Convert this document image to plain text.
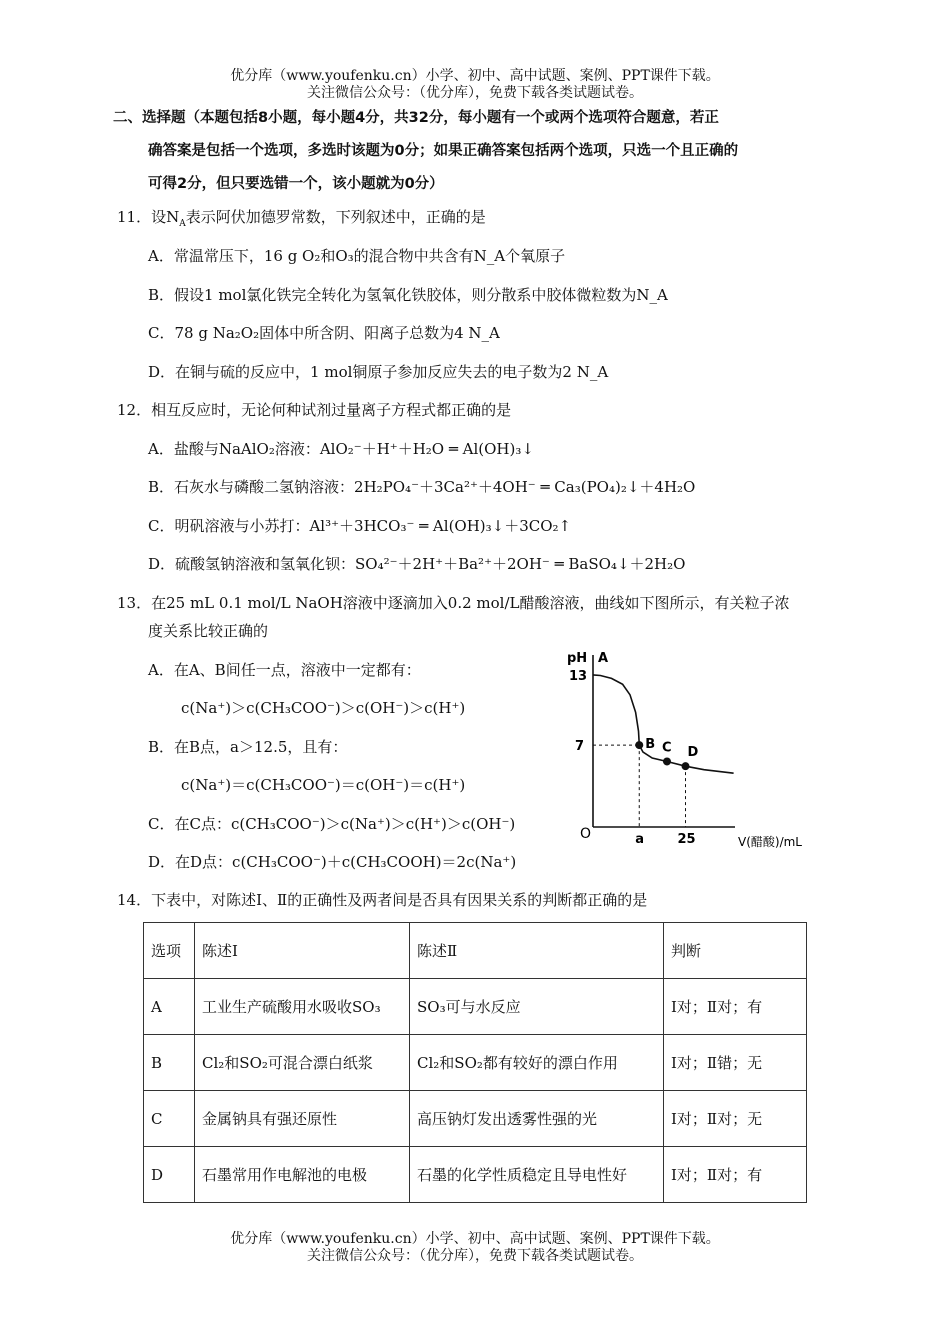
优分库（www.youfenku.cn）小学、初中、高中试题、案例、PPT课件下载。
关注微信公众号：（优分库），免费下载各类试题试卷。
二、选择题（本题包括8小题，每小题4分，共32分，每小题有一个或两个选项符合题意，若正
确答案是包括一个选项，多选时该题为0分；如果正确答案包括两个选项，只选一个且正确的
可得2分，但只要选错一个，该小题就为0分）
11．设$N_A$表示阿伏加德罗常数，下列叙述中，正确的是
A．常温常压下，16 g O₂和O₃的混合物中共含有N_A个氧原子
B．假设1 mol氯化铁完全转化为氢氧化铁胶体，则分散系中胶体微粒数为N_A
C．78 g Na₂O₂固体中所含阴、阳离子总数为4 N_A
D．在铜与硫的反应中，1 mol铜原子参加反应失去的电子数为2 N_A
12．相互反应时，无论何种试剂过量离子方程式都正确的是
A．盐酸与NaAlO₂溶液：AlO₂⁻＋H⁺＋H₂O ═ Al(OH)₃↓
B．石灰水与磷酸二氢钠溶液：2H₂PO₄⁻＋3Ca²⁺＋4OH⁻ ═ Ca₃(PO₄)₂↓＋4H₂O
C．明矾溶液与小苏打：Al³⁺＋3HCO₃⁻ ═ Al(OH)₃↓＋3CO₂↑
D．硫酸氢钠溶液和氢氧化钡：SO₄²⁻＋2H⁺＋Ba²⁺＋2OH⁻ ═ BaSO₄↓＋2H₂O
13．在25 mL 0.1 mol/L NaOH溶液中逐滴加入0.2 mol/L醋酸溶液，曲线如下图所示，有关粒子浓
度关系比较正确的
A．在A、B间任一点，溶液中一定都有：
c(Na⁺)＞c(CH₃COO⁻)＞c(OH⁻)＞c(H⁺)
B．在B点，a＞12.5，且有：
c(Na⁺)＝c(CH₃COO⁻)＝c(OH⁻)＝c(H⁺)
C．在C点：c(CH₃COO⁻)＞c(Na⁺)＞c(H⁺)＞c(OH⁻)
D．在D点：c(CH₃COO⁻)＋c(CH₃COOH)＝2c(Na⁺)
pH
V(醋酸)/mL
O
13
7
a	25
A
B C D
14．下表中，对陈述Ⅰ、Ⅱ的正确性及两者间是否具有因果关系的判断都正确的是
选项	陈述Ⅰ	陈述Ⅱ	判断
A	工业生产硫酸用水吸收SO₃	SO₃可与水反应	Ⅰ对；Ⅱ对；有
B	Cl₂和SO₂可混合漂白纸浆	Cl₂和SO₂都有较好的漂白作用	Ⅰ对；Ⅱ错；无
C	金属钠具有强还原性	高压钠灯发出透雾性强的光	Ⅰ对；Ⅱ对；无
D	石墨常用作电解池的电极	石墨的化学性质稳定且导电性好	Ⅰ对；Ⅱ对；有
优分库（www.youfenku.cn）小学、初中、高中试题、案例、PPT课件下载。
关注微信公众号：（优分库），免费下载各类试题试卷。
